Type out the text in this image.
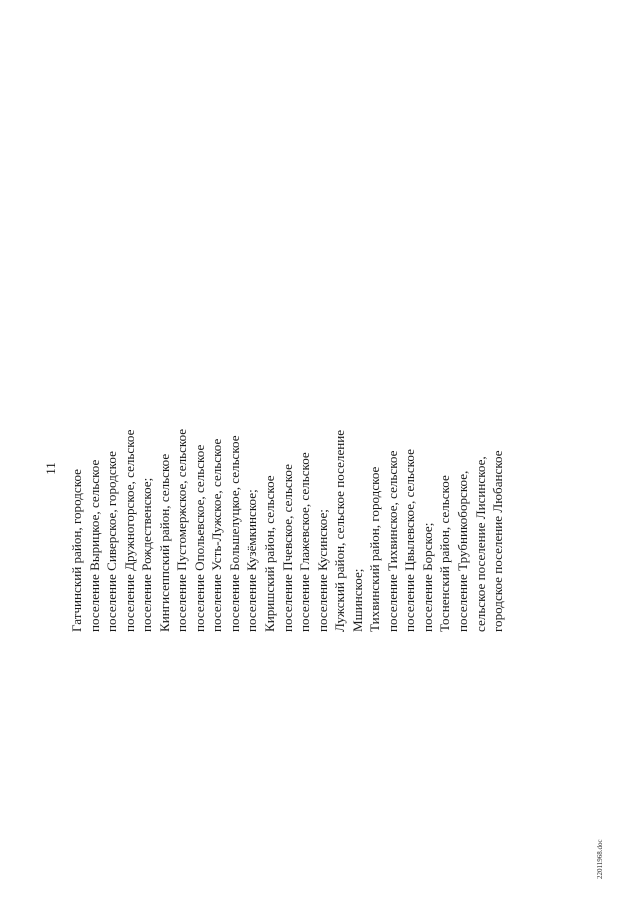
11
Гатчинский район, городское поселение Вырицкое, сельское поселение Сиверское, городское поселение Дружногорское, сельское поселение Рождественское; Кингисеппский район, сельское поселение Пустомержское, сельское поселение Опольевское, сельское поселение Усть-Лужское, сельское поселение Большелуцкое, сельское поселение Кузёмкинское; Киришский район, сельское поселение Пчевское, сельское поселение Глажевское, сельское поселение Кусинское; Лужский район, сельское поселение Мшинское; Тихвинский район, городское поселение Тихвинское, сельское поселение Цвылевское, сельское поселение Борское; Тосненский район, сельское поселение Трубникоборское, сельское поселение Лисинское, городское поселение Любанское
22011968.doc
